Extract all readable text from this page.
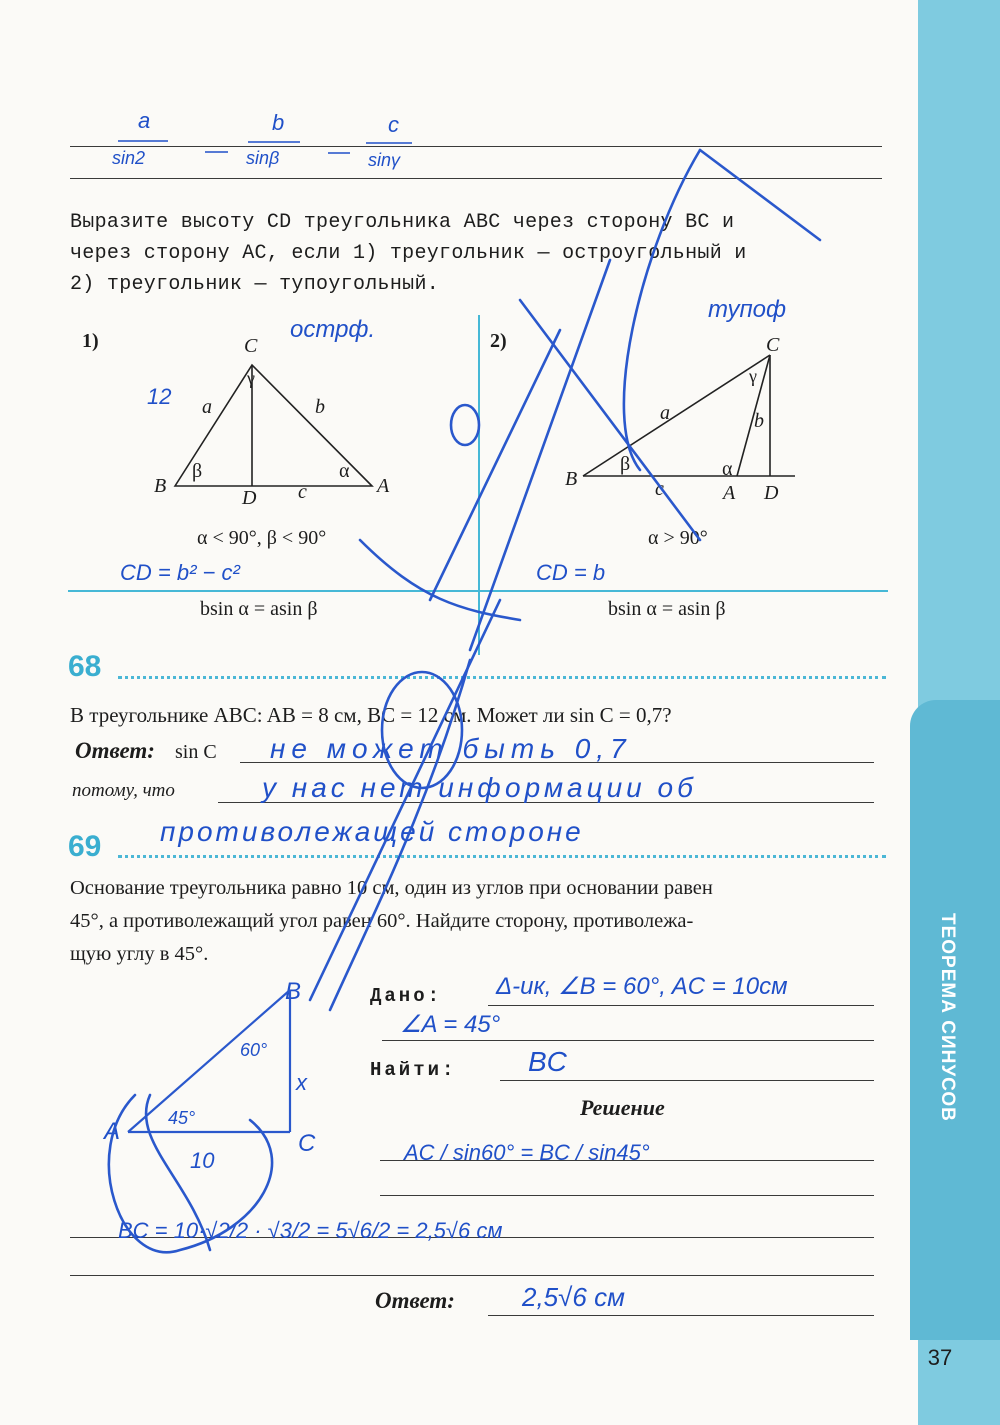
ТЕОРЕМА СИНУСОВ
37
a
sin2
b
sinβ
c
sinγ
Выразите высоту CD треугольника ABC через сторону BC и
через сторону AC, если 1) треугольник — остроугольный и
2) треугольник — тупоугольный.
1)	C
γ
a	b
B
β	α
A
D c
α < 90°, β < 90°
bsin α = asin β
острф.
12
CD = b² − c²
2)	C
γ
a	b
B
β	α
c	A D
α > 90°
bsin α = asin β
тупоф
CD = b
68
В треугольнике ABC: AB = 8 см, BC = 12 см. Может ли sin C = 0,7?
Ответ: sin C
потому, что
не может быть 0,7
у нас нет информации об
противолежащей стороне
69
Основание треугольника равно 10 см, один из углов при основании равен
45°, а противолежащий угол равен 60°. Найдите сторону, противолежа-
щую углу в 45°.
Дано: Δ-ик, ∠B = 60°, AC = 10см
∠A = 45°
Найти:	BC
Решение
AC / sin60° = BC / sin45°
BC = 10·√2/2 · √3/2 = 5√6/2 = 2,5√6 см
Ответ:	2,5√6 см
B
A	C
x
60°
45°
10
